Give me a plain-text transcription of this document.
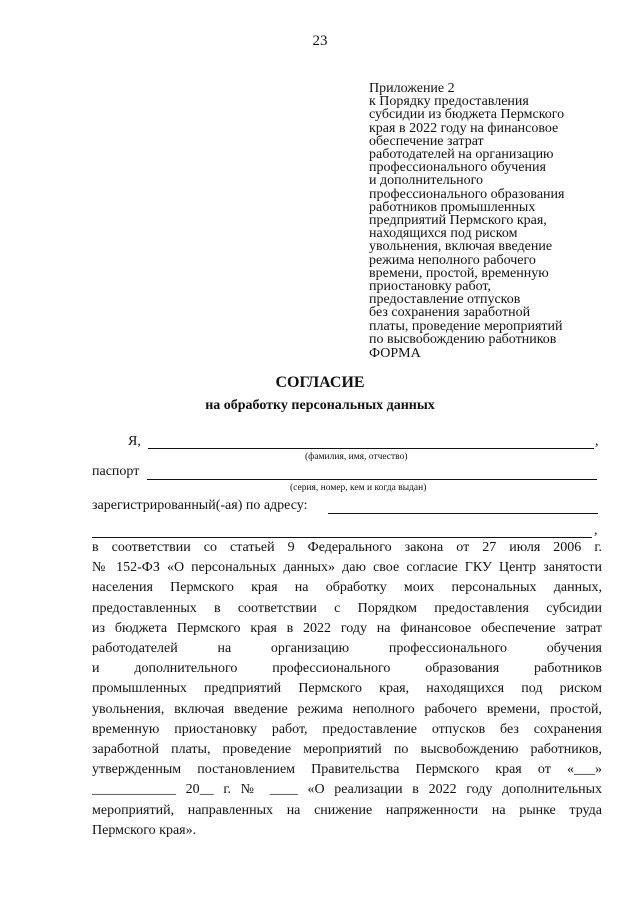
23
Приложение 2
к Порядку предоставления
субсидии из бюджета Пермского
края в 2022 году на финансовое
обеспечение затрат
работодателей на организацию
профессионального обучения
и дополнительного
профессионального образования
работников промышленных
предприятий Пермского края,
находящихся под риском
увольнения, включая введение
режима неполного рабочего
времени, простой, временную
приостановку работ,
предоставление отпусков
без сохранения заработной
платы, проведение мероприятий
по высвобождению работников
ФОРМА
СОГЛАСИЕ
на обработку персональных данных
Я,	,
(фамилия, имя, отчество)
паспорт
(серия, номер, кем и когда выдан)
зарегистрированный(-ая) по адресу:
,
в соответствии со статьей 9 Федерального закона от 27 июля 2006 г.
№ 152-ФЗ «О персональных данных» даю свое согласие ГКУ Центр занятости
населения Пермского края на обработку моих персональных данных,
предоставленных в соответствии с Порядком предоставления субсидии
из бюджета Пермского края в 2022 году на финансовое обеспечение затрат
работодателей на организацию профессионального обучения
и дополнительного профессионального образования работников
промышленных предприятий Пермского края, находящихся под риском
увольнения, включая введение режима неполного рабочего времени, простой,
временную приостановку работ, предоставление отпусков без сохранения
заработной платы, проведение мероприятий по высвобождению работников,
утвержденным постановлением Правительства Пермского края от «___»
____________ 20__ г. № ____ «О реализации в 2022 году дополнительных
мероприятий, направленных на снижение напряженности на рынке труда
Пермского края».
